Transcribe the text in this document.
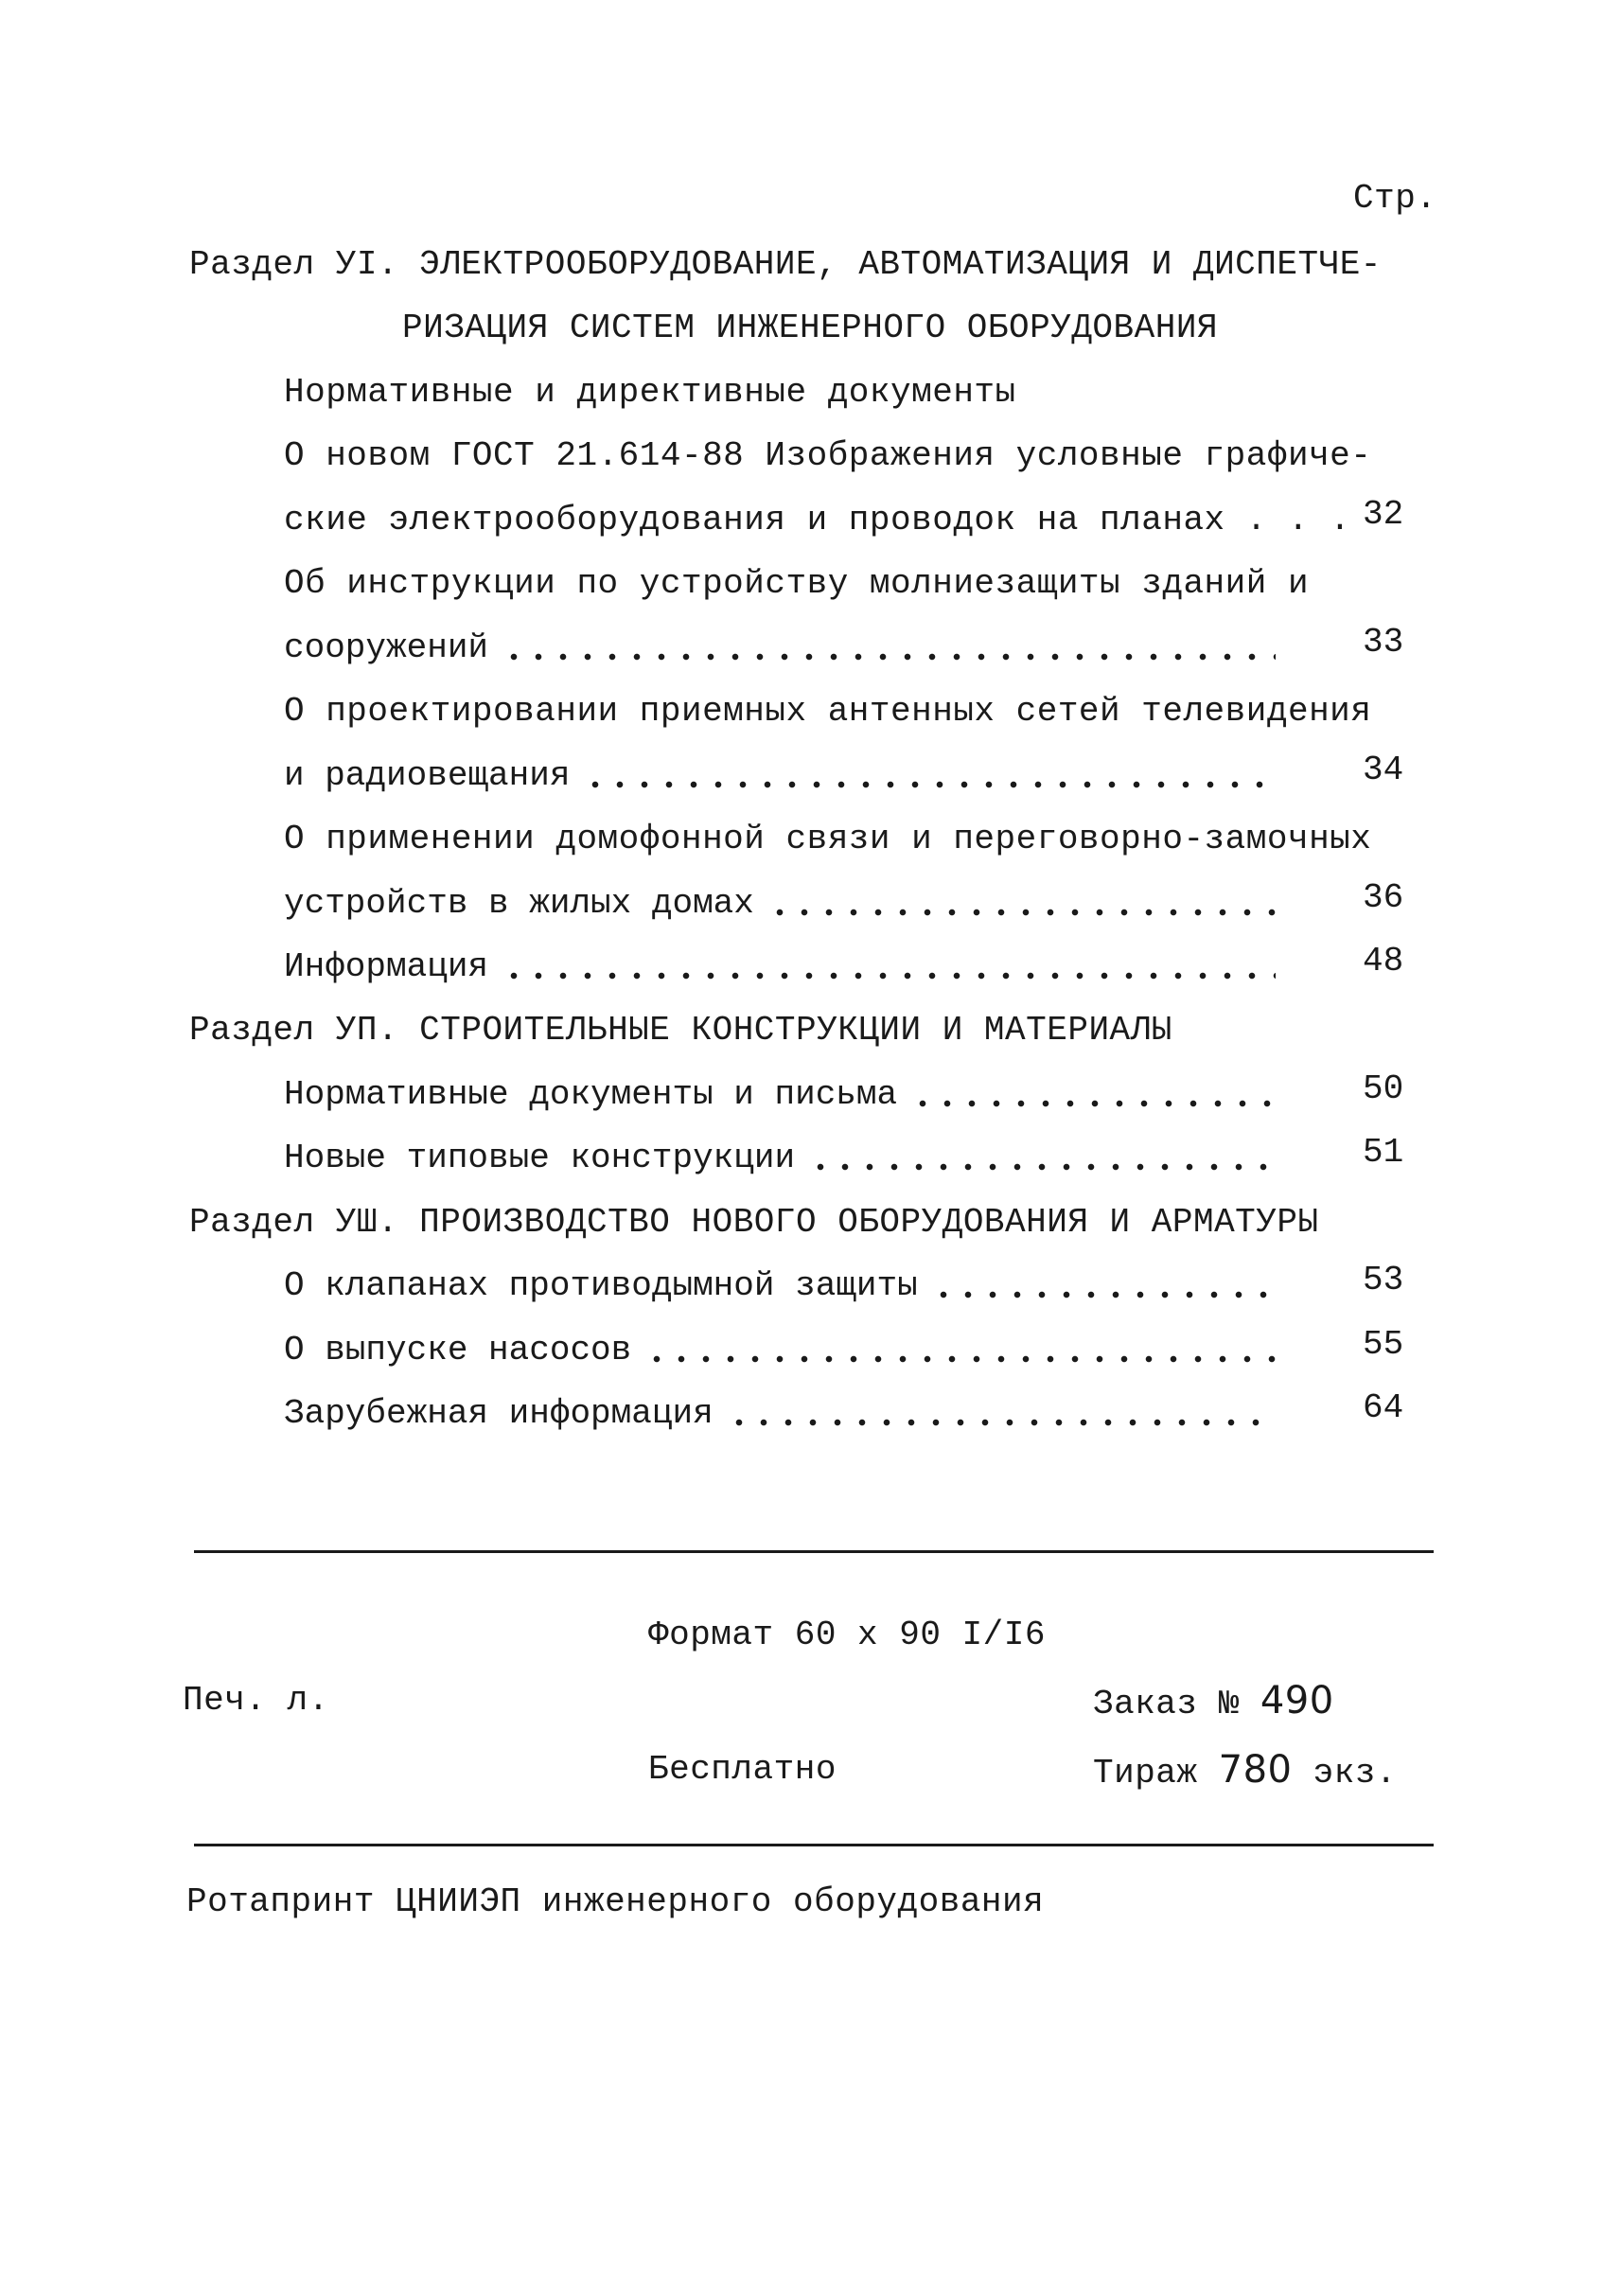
Стр.
Раздел УI. ЭЛЕКТРООБОРУДОВАНИЕ, АВТОМАТИЗАЦИЯ И ДИСПЕТЧЕ-
РИЗАЦИЯ СИСТЕМ ИНЖЕНЕРНОГО ОБОРУДОВАНИЯ
Нормативные и директивные документы
О новом ГОСТ 21.614-88 Изображения условные графиче-
ские электрооборудования и проводок на планах . . . 32
Об инструкции по устройству молниезащиты зданий и
сооружений	33
О проектировании приемных антенных сетей телевидения
и радиовещания	34
О применении домофонной связи и переговорно-замочных
устройств в жилых домах	36
Информация	48
Раздел УП. СТРОИТЕЛЬНЫЕ КОНСТРУКЦИИ И МАТЕРИАЛЫ
Нормативные документы и письма	50
Новые типовые конструкции	51
Раздел УШ. ПРОИЗВОДСТВО НОВОГО ОБОРУДОВАНИЯ И АРМАТУРЫ
О клапанах противодымной защиты	53
О выпуске насосов	55
Зарубежная информация	64
Формат 60 х 90 I/I6
Печ. л.	Заказ № 490
Бесплатно	Тираж 780 экз.
Ротапринт ЦНИИЭП инженерного оборудования
